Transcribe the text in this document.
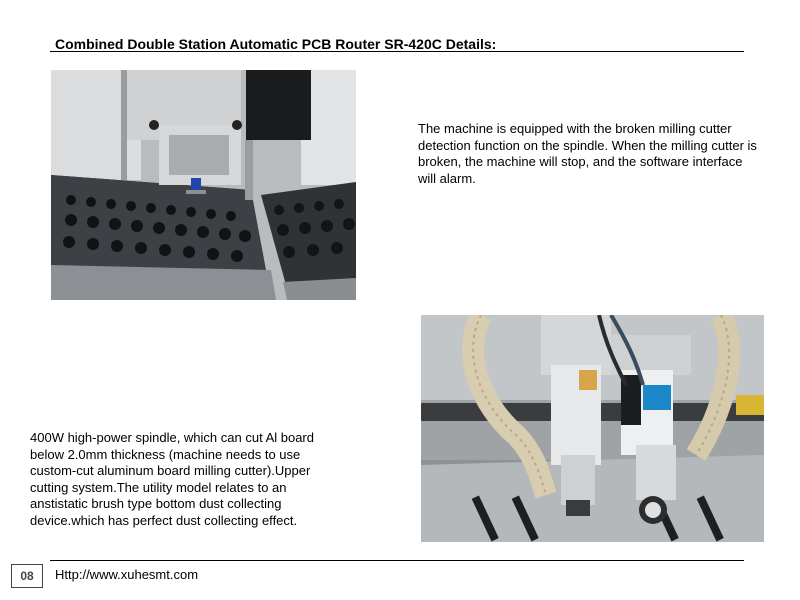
Combined Double Station Automatic PCB Router SR-420C Details:
The machine is equipped with the broken milling cutter detection function on the spindle. When the milling cutter is broken, the machine will stop, and the software interface will alarm.
400W high-power spindle, which can cut Al board below 2.0mm thickness (machine needs to use custom-cut aluminum board milling cutter).Upper cutting system.The utility model relates to an anstistatic brush type bottom dust collecting device.which has perfect dust collecting effect.
08	Http://www.xuhesmt.com
